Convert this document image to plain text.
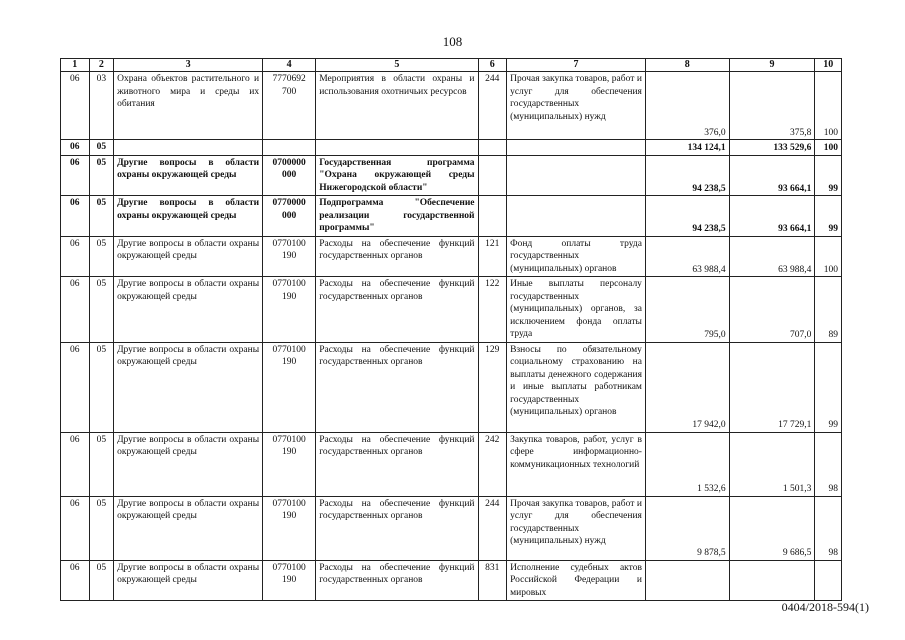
108
1	2	3	4	5	6	7	8	9	10
06	03	Охрана объектов растительного и животного мира и среды их обитания	7770692 700	Мероприятия в области охраны и использования охотничьих ресурсов	244	Прочая закупка товаров, работ и услуг для обеспечения государственных (муниципальных) нужд	376,0	375,8	100
06	05						134 124,1	133 529,6	100
06	05	Другие вопросы в области охраны окружающей среды	0700000 000	Государственная программа "Охрана окружающей среды Нижегородской области"			94 238,5	93 664,1	99
06	05	Другие вопросы в области охраны окружающей среды	0770000 000	Подпрограмма "Обеспечение реализации государственной программы"			94 238,5	93 664,1	99
06	05	Другие вопросы в области охраны окружающей среды	0770100 190	Расходы на обеспечение функций государственных органов	121	Фонд оплаты труда государственных (муниципальных) органов	63 988,4	63 988,4	100
06	05	Другие вопросы в области охраны окружающей среды	0770100 190	Расходы на обеспечение функций государственных органов	122	Иные выплаты персоналу государственных (муниципальных) органов, за исключением фонда оплаты труда	795,0	707,0	89
06	05	Другие вопросы в области охраны окружающей среды	0770100 190	Расходы на обеспечение функций государственных органов	129	Взносы по обязательному социальному страхованию на выплаты денежного содержания и иные выплаты работникам государственных (муниципальных) органов	17 942,0	17 729,1	99
06	05	Другие вопросы в области охраны окружающей среды	0770100 190	Расходы на обеспечение функций государственных органов	242	Закупка товаров, работ, услуг в сфере информационно-коммуникационных технологий	1 532,6	1 501,3	98
06	05	Другие вопросы в области охраны окружающей среды	0770100 190	Расходы на обеспечение функций государственных органов	244	Прочая закупка товаров, работ и услуг для обеспечения государственных (муниципальных) нужд	9 878,5	9 686,5	98
06	05	Другие вопросы в области охраны окружающей среды	0770100 190	Расходы на обеспечение функций государственных органов	831	Исполнение судебных актов Российской Федерации и мировых			
0404/2018-594(1)
